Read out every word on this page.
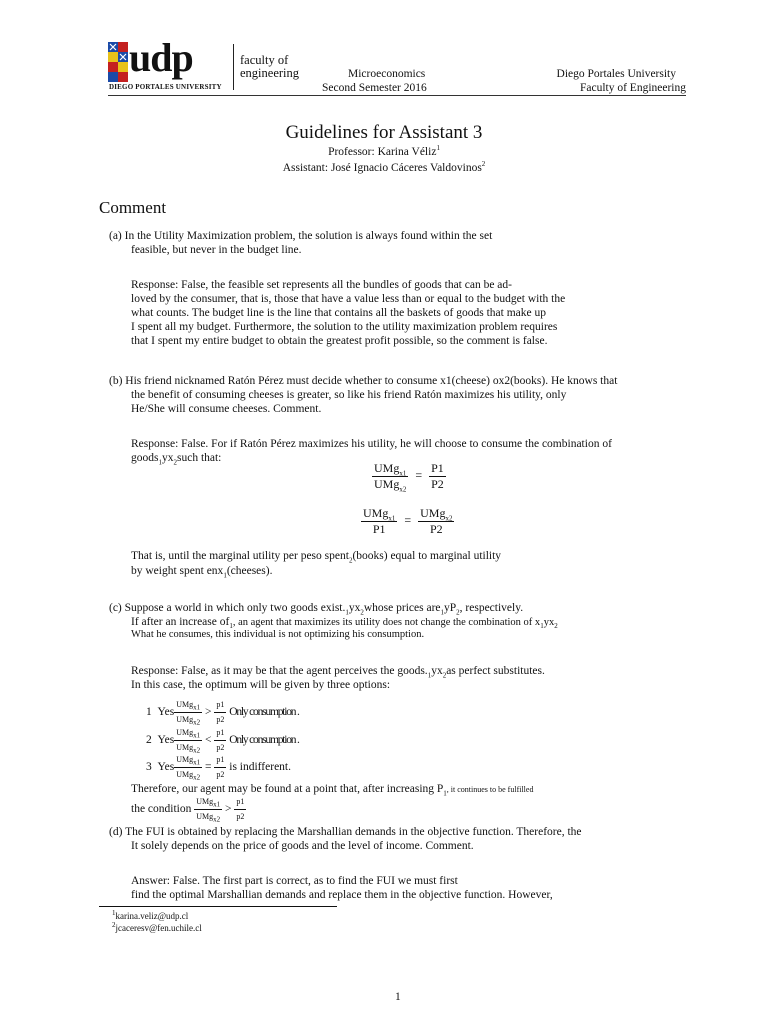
udp
DIEGO PORTALES UNIVERSITY
faculty of
engineering	Microeconomics
Second Semester 2016
Diego Portales University
Faculty of Engineering
Guidelines for Assistant 3
Professor: Karina Véliz$^1$
Assistant: José Ignacio Cáceres Valdovinos$^2$
Comment
(a) In the Utility Maximization problem, the solution is always found within the set
feasible, but never in the budget line.
Response: False, the feasible set represents all the bundles of goods that can be ad-
loved by the consumer, that is, those that have a value less than or equal to the budget with the
what counts. The budget line is the line that contains all the baskets of goods that make up
I spent all my budget. Furthermore, the solution to the utility maximization problem requires
that I spent my entire budget to obtain the greatest profit possible, so the comment is false.
(b) His friend nicknamed Ratón Pérez must decide whether to consume x1(cheese) ox2(books). He knows that
the benefit of consuming cheeses is greater, so like his friend Ratón maximizes his utility, only
He/She will consume cheeses. Comment.
Response: False. For if Ratón Pérez maximizes his utility, he will choose to consume the combination of
$goods_1yx_2such$ that:
$\frac{UMg_{x1}}{UMg_{x2}} = \frac{P1}{P2}$
$\frac{UMg_{x1}}{P1} = \frac{UMg_{x2}}{P2}$
That is, until the marginal utility per peso spent$_2$(books) equal to marginal utility
by weight spent enx$_1$(cheeses).
(c) Suppose a world in which only two goods $exist._1yx_2whose$ prices $are_1yP_2$, respectively.
If after an increase $of_1$, an agent that maximizes its utility does not change the combination of $x_1yx_2$
What he consumes, this individual is not optimizing his consumption.
Response: False, as it may be that the agent perceives the $goods._1yx_2as$ perfect substitutes.
In this case, the optimum will be given by three options:
1 Yes $\frac{UMg_{x1}}{UMg_{x2}} > \frac{p1}{p2}$ Only consumption .
2 Yes $\frac{UMg_{x1}}{UMg_{x2}} < \frac{p1}{p2}$ Only consumption .
3 Yes $\frac{UMg_{x1}}{UMg_{x2}} = \frac{p1}{p2}$ is indifferent.
Therefore, our agent may be found at a point that, after increasing $P_1$, it continues to be fulfilled
the condition $\frac{UMg_{x1}}{UMg_{x2}} > \frac{p1}{p2}$
(d) The FUI is obtained by replacing the Marshallian demands in the objective function. Therefore, the
It solely depends on the price of goods and the level of income. Comment.
Answer: False. The first part is correct, as to find the FUI we must first
find the optimal Marshallian demands and replace them in the objective function. However,
$^1$karina.veliz@udp.cl
$^2$jcaceresv@fen.uchile.cl
1
